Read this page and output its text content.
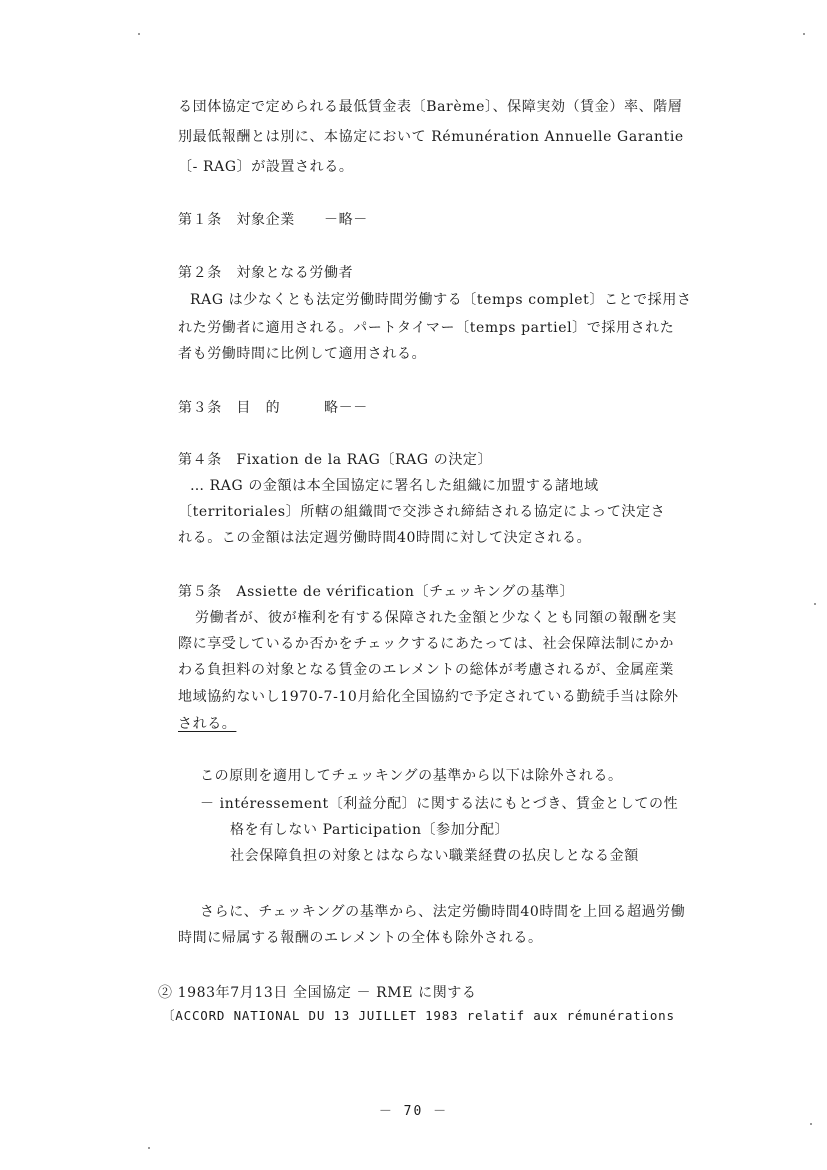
る団体協定で定められる最低賃金表〔Barème〕、保障実効（賃金）率、階層
別最低報酬とは別に、本協定において Rémunération Annuelle Garantie
〔- RAG〕が設置される。
第１条　対象企業　　－略－
第２条　対象となる労働者
RAG は少なくとも法定労働時間労働する〔temps complet〕ことで採用さ
れた労働者に適用される。パートタイマー〔temps partiel〕で採用された
者も労働時間に比例して適用される。
第３条　目　的　　　略－－
第４条　Fixation de la RAG〔RAG の決定〕
… RAG の金額は本全国協定に署名した組織に加盟する諸地域
〔territoriales〕所轄の組織間で交渉され締結される協定によって決定さ
れる。この金額は法定週労働時間40時間に対して決定される。
第５条　Assiette de vérification〔チェッキングの基準〕
労働者が、彼が権利を有する保障された金額と少なくとも同額の報酬を実
際に享受しているか否かをチェックするにあたっては、社会保障法制にかか
わる負担料の対象となる賃金のエレメントの総体が考慮されるが、金属産業
地域協約ないし1970-7-10月給化全国協約で予定されている勤続手当は除外
される。
この原則を適用してチェッキングの基準から以下は除外される。
－ intéressement〔利益分配〕に関する法にもとづき、賃金としての性
格を有しない Participation〔参加分配〕
社会保障負担の対象とはならない職業経費の払戻しとなる金額
さらに、チェッキングの基準から、法定労働時間40時間を上回る超過労働
時間に帰属する報酬のエレメントの全体も除外される。
② 1983年7月13日 全国協定 － RME に関する
〔ACCORD NATIONAL DU 13 JUILLET 1983 relatif aux rémunérations
－ 70 －
